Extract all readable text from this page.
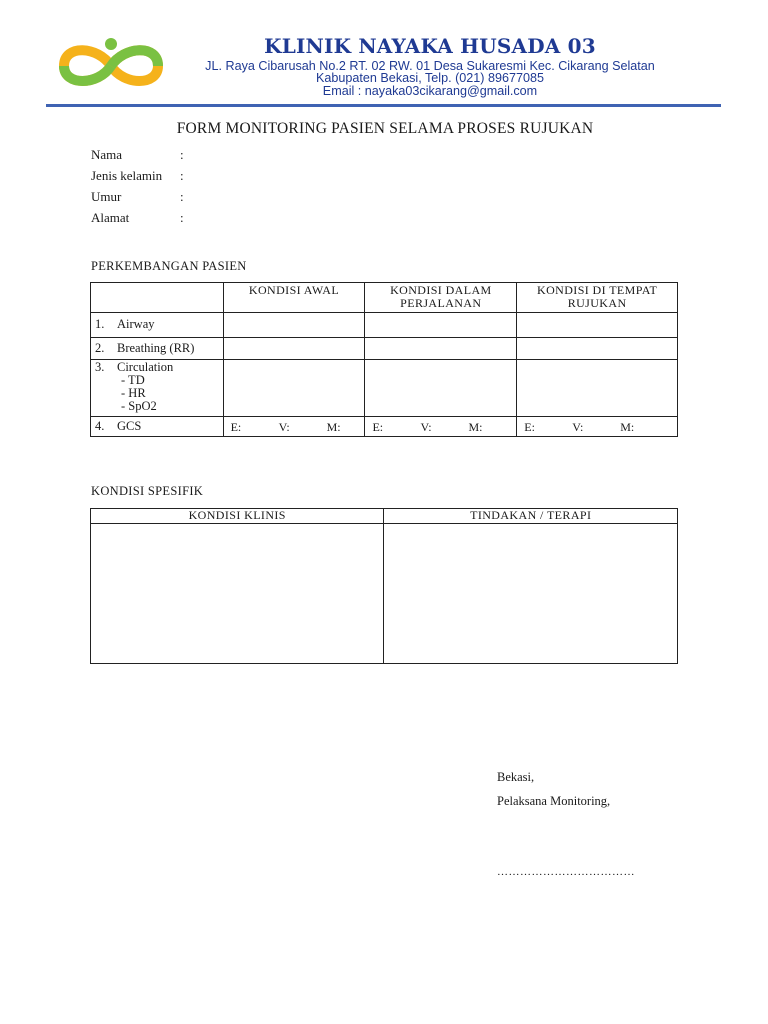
KLINIK NAYAKA HUSADA 03
JL. Raya Cibarusah No.2 RT. 02 RW. 01 Desa Sukaresmi Kec. Cikarang Selatan
Kabupaten Bekasi, Telp. (021) 89677085
Email : nayaka03cikarang@gmail.com
FORM MONITORING PASIEN SELAMA PROSES RUJUKAN
Nama	:
Jenis kelamin :
Umur	:
Alamat	:
PERKEMBANGAN PASIEN
	KONDISI AWAL	KONDISI DALAM PERJALANAN	KONDISI DI TEMPAT RUJUKAN
1. Airway			
2. Breathing (RR)			
3. Circulation
- TD
- HR
- SpO2			

4. GCS	E: V: M:	E: V: M:	E: V: M:
KONDISI SPESIFIK
KONDISI KLINIS	TINDAKAN / TERAPI

Bekasi,
Pelaksana Monitoring,
………………………………
